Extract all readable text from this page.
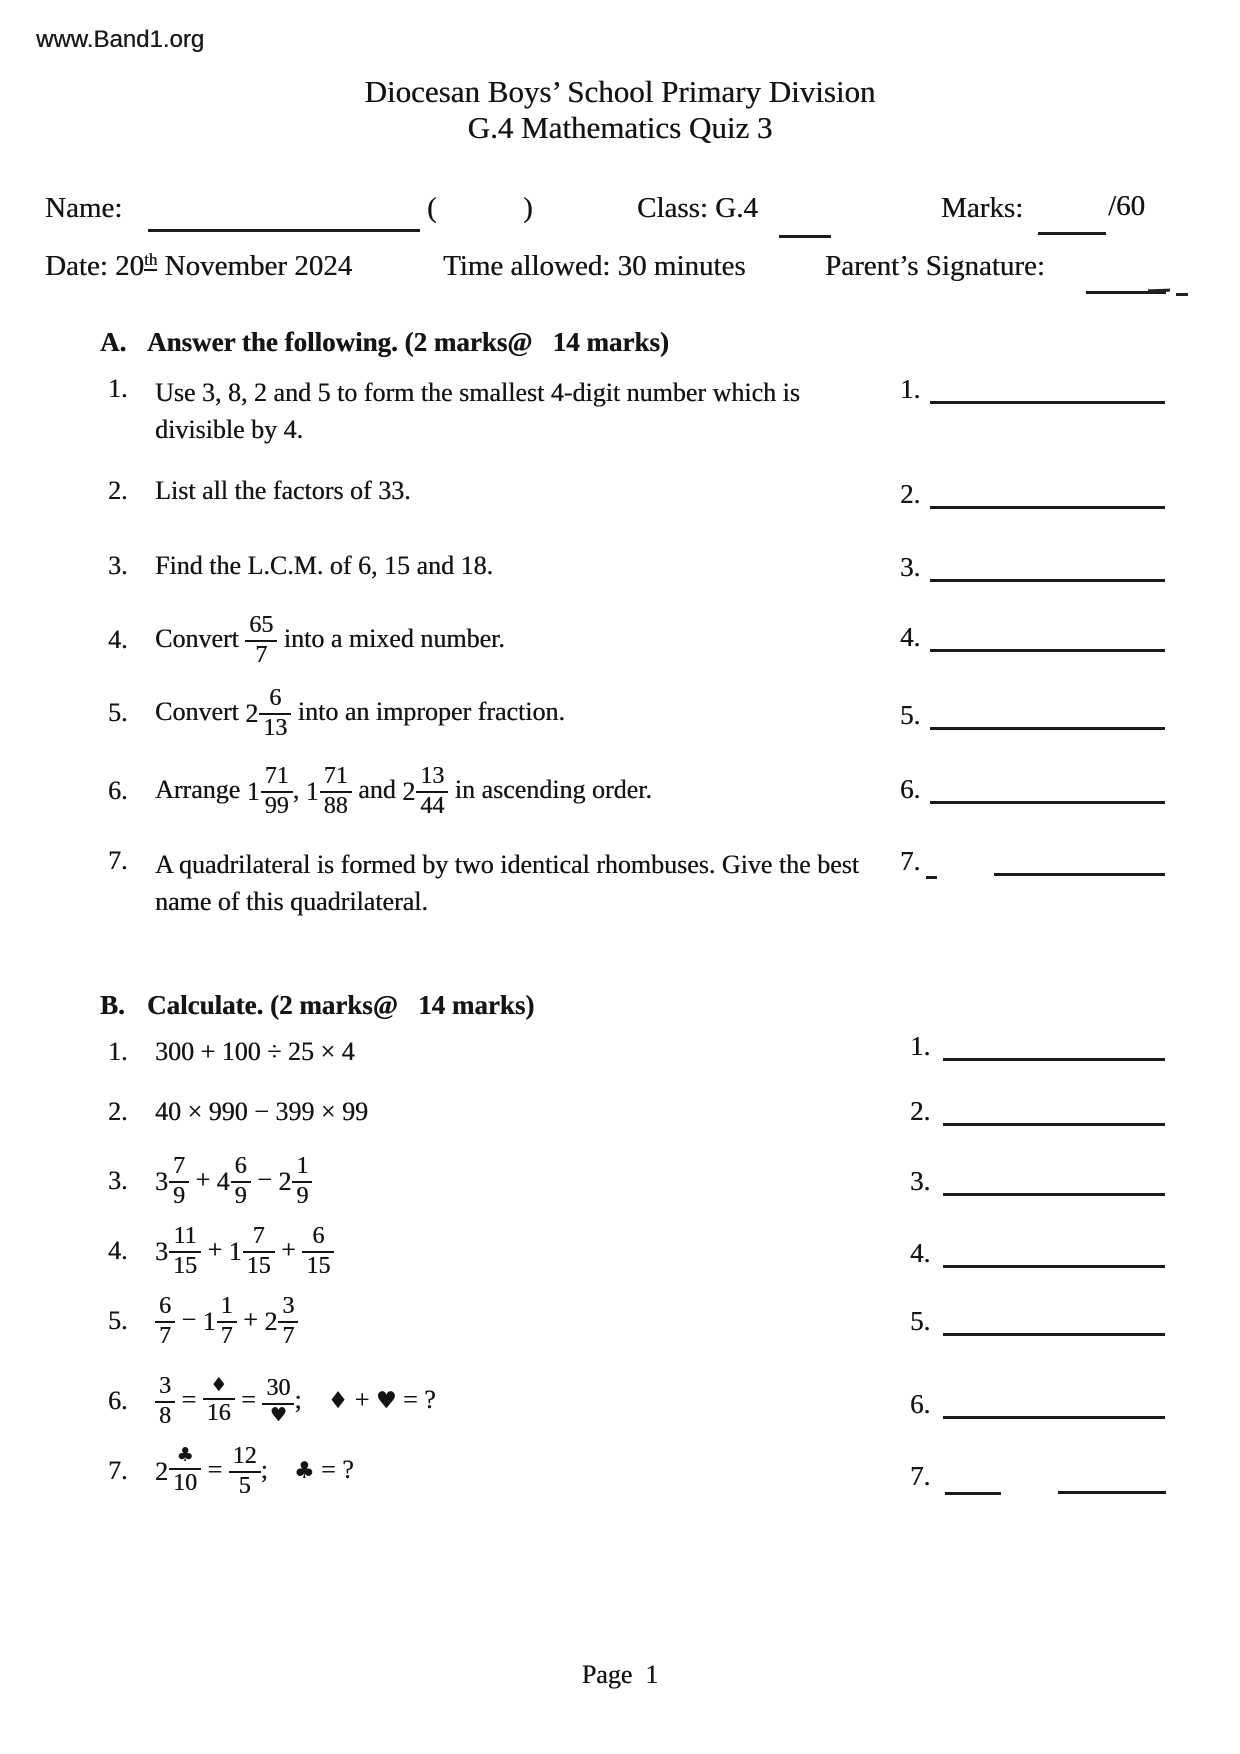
www.Band1.org
Diocesan Boys’ School Primary Division
G.4 Mathematics Quiz 3
Name:	(	)	Class: G.4	Marks:	/60
Date: 20th November 2024	Time allowed: 30 minutes	Parent’s Signature:
A. Answer the following. (2 marks@   14 marks)
1.	Use 3, 8, 2 and 5 to form the smallest 4-digit number which is
divisible by 4.
2.	List all the factors of 33.
3.	Find the L.C.M. of 6, 15 and 18.
4.	Convert $\frac{65}{7}$ into a mixed number.
5.	Convert $2 \frac{6}{13}$ into an improper fraction.
6.	Arrange $1 \frac{71}{99}$ , $1 \frac{71}{88}$ and $2 \frac{13}{44}$ in ascending order.
7.	A quadrilateral is formed by two identical rhombuses. Give the best
name of this quadrilateral.
1.
2.
3.
4.
5.
6.
7.
B. Calculate. (2 marks@   14 marks)
1.	300 + 100 ÷ 25 × 4
2.	40 × 990 − 399 × 99
3.	$3 \frac{7}{9} + 4 \frac{6}{9} - 2 \frac{1}{9}$
4.	$3 \frac{11}{15} + 1 \frac{7}{15} + \frac{6}{15}$
5.	$\frac{6}{7} - 1 \frac{1}{7} + 2 \frac{3}{7}$
6.	$\frac{3}{8} = \frac{♦}{16} = \frac{30}{♥}$ ;    ♦ + ♥ = ?
7.	$2 \frac{♣}{10} = \frac{12}{5}$ ;    ♣ = ?
1.
2.
3.
4.
5.
6.
7.
Page  1
